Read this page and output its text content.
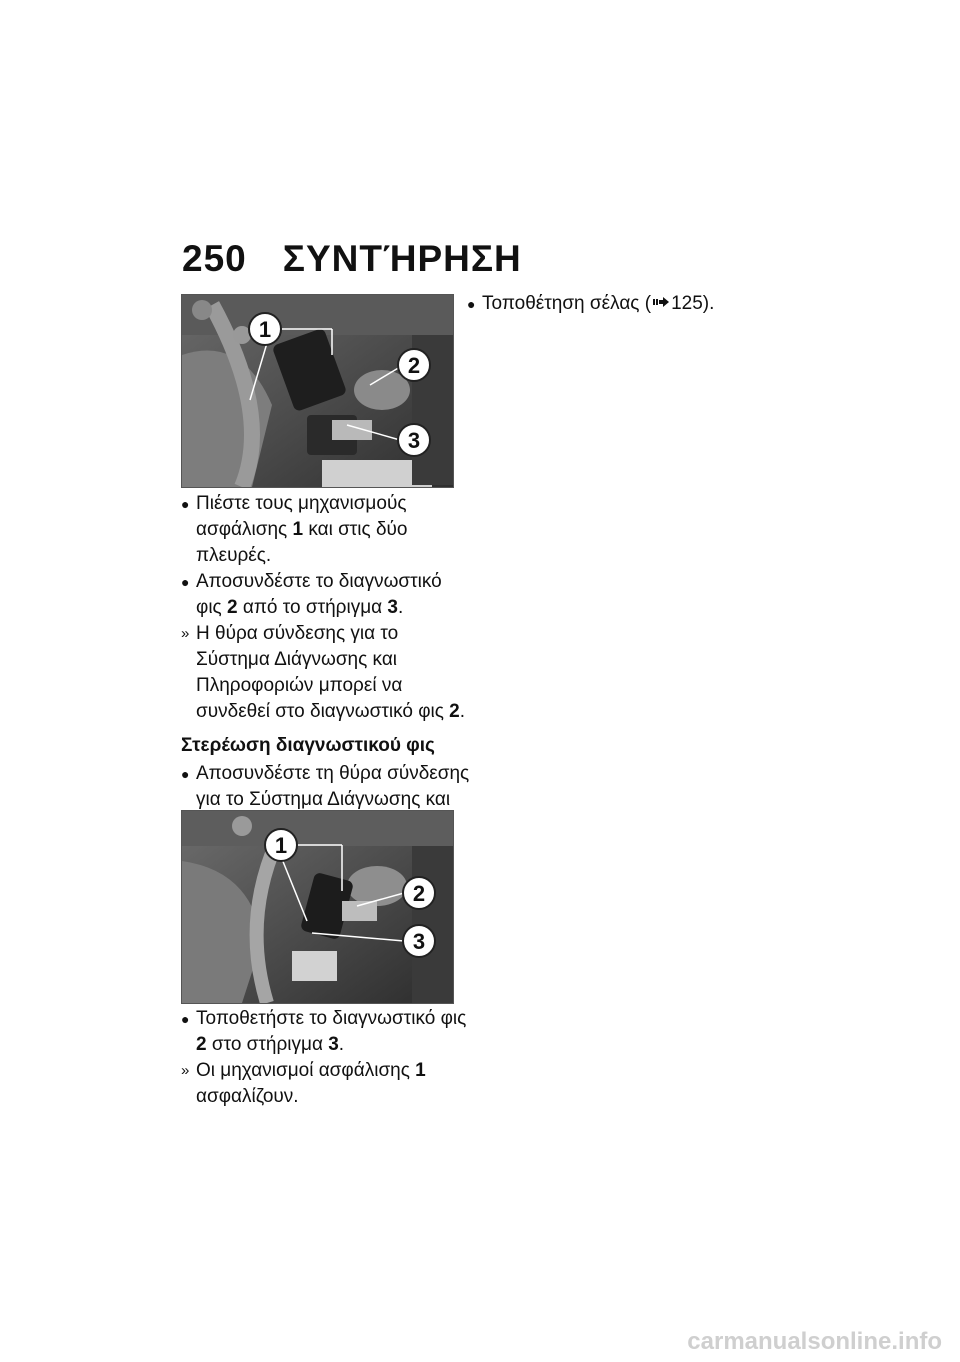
250 ΣΥΝΤΉΡΗΣΗ
1
2
3
● Πιέστε τους μηχανισμούς ασφάλισης 1 και στις δύο πλευρές.
● Αποσυνδέστε το διαγνωστικό φις 2 από το στήριγμα 3.
» Η θύρα σύνδεσης για το Σύστημα Διάγνωσης και Πληροφοριών μπορεί να συνδεθεί στο διαγνωστικό φις 2.
Στερέωση διαγνωστικού φις
● Αποσυνδέστε τη θύρα σύνδεσης για το Σύστημα Διάγνωσης και
1
2
3
● Τοποθετήστε το διαγνωστικό φις 2 στο στήριγμα 3.
» Οι μηχανισμοί ασφάλισης 1 ασφαλίζουν.
● Τοποθέτηση σέλας ( 125).
carmanualsonline.info
